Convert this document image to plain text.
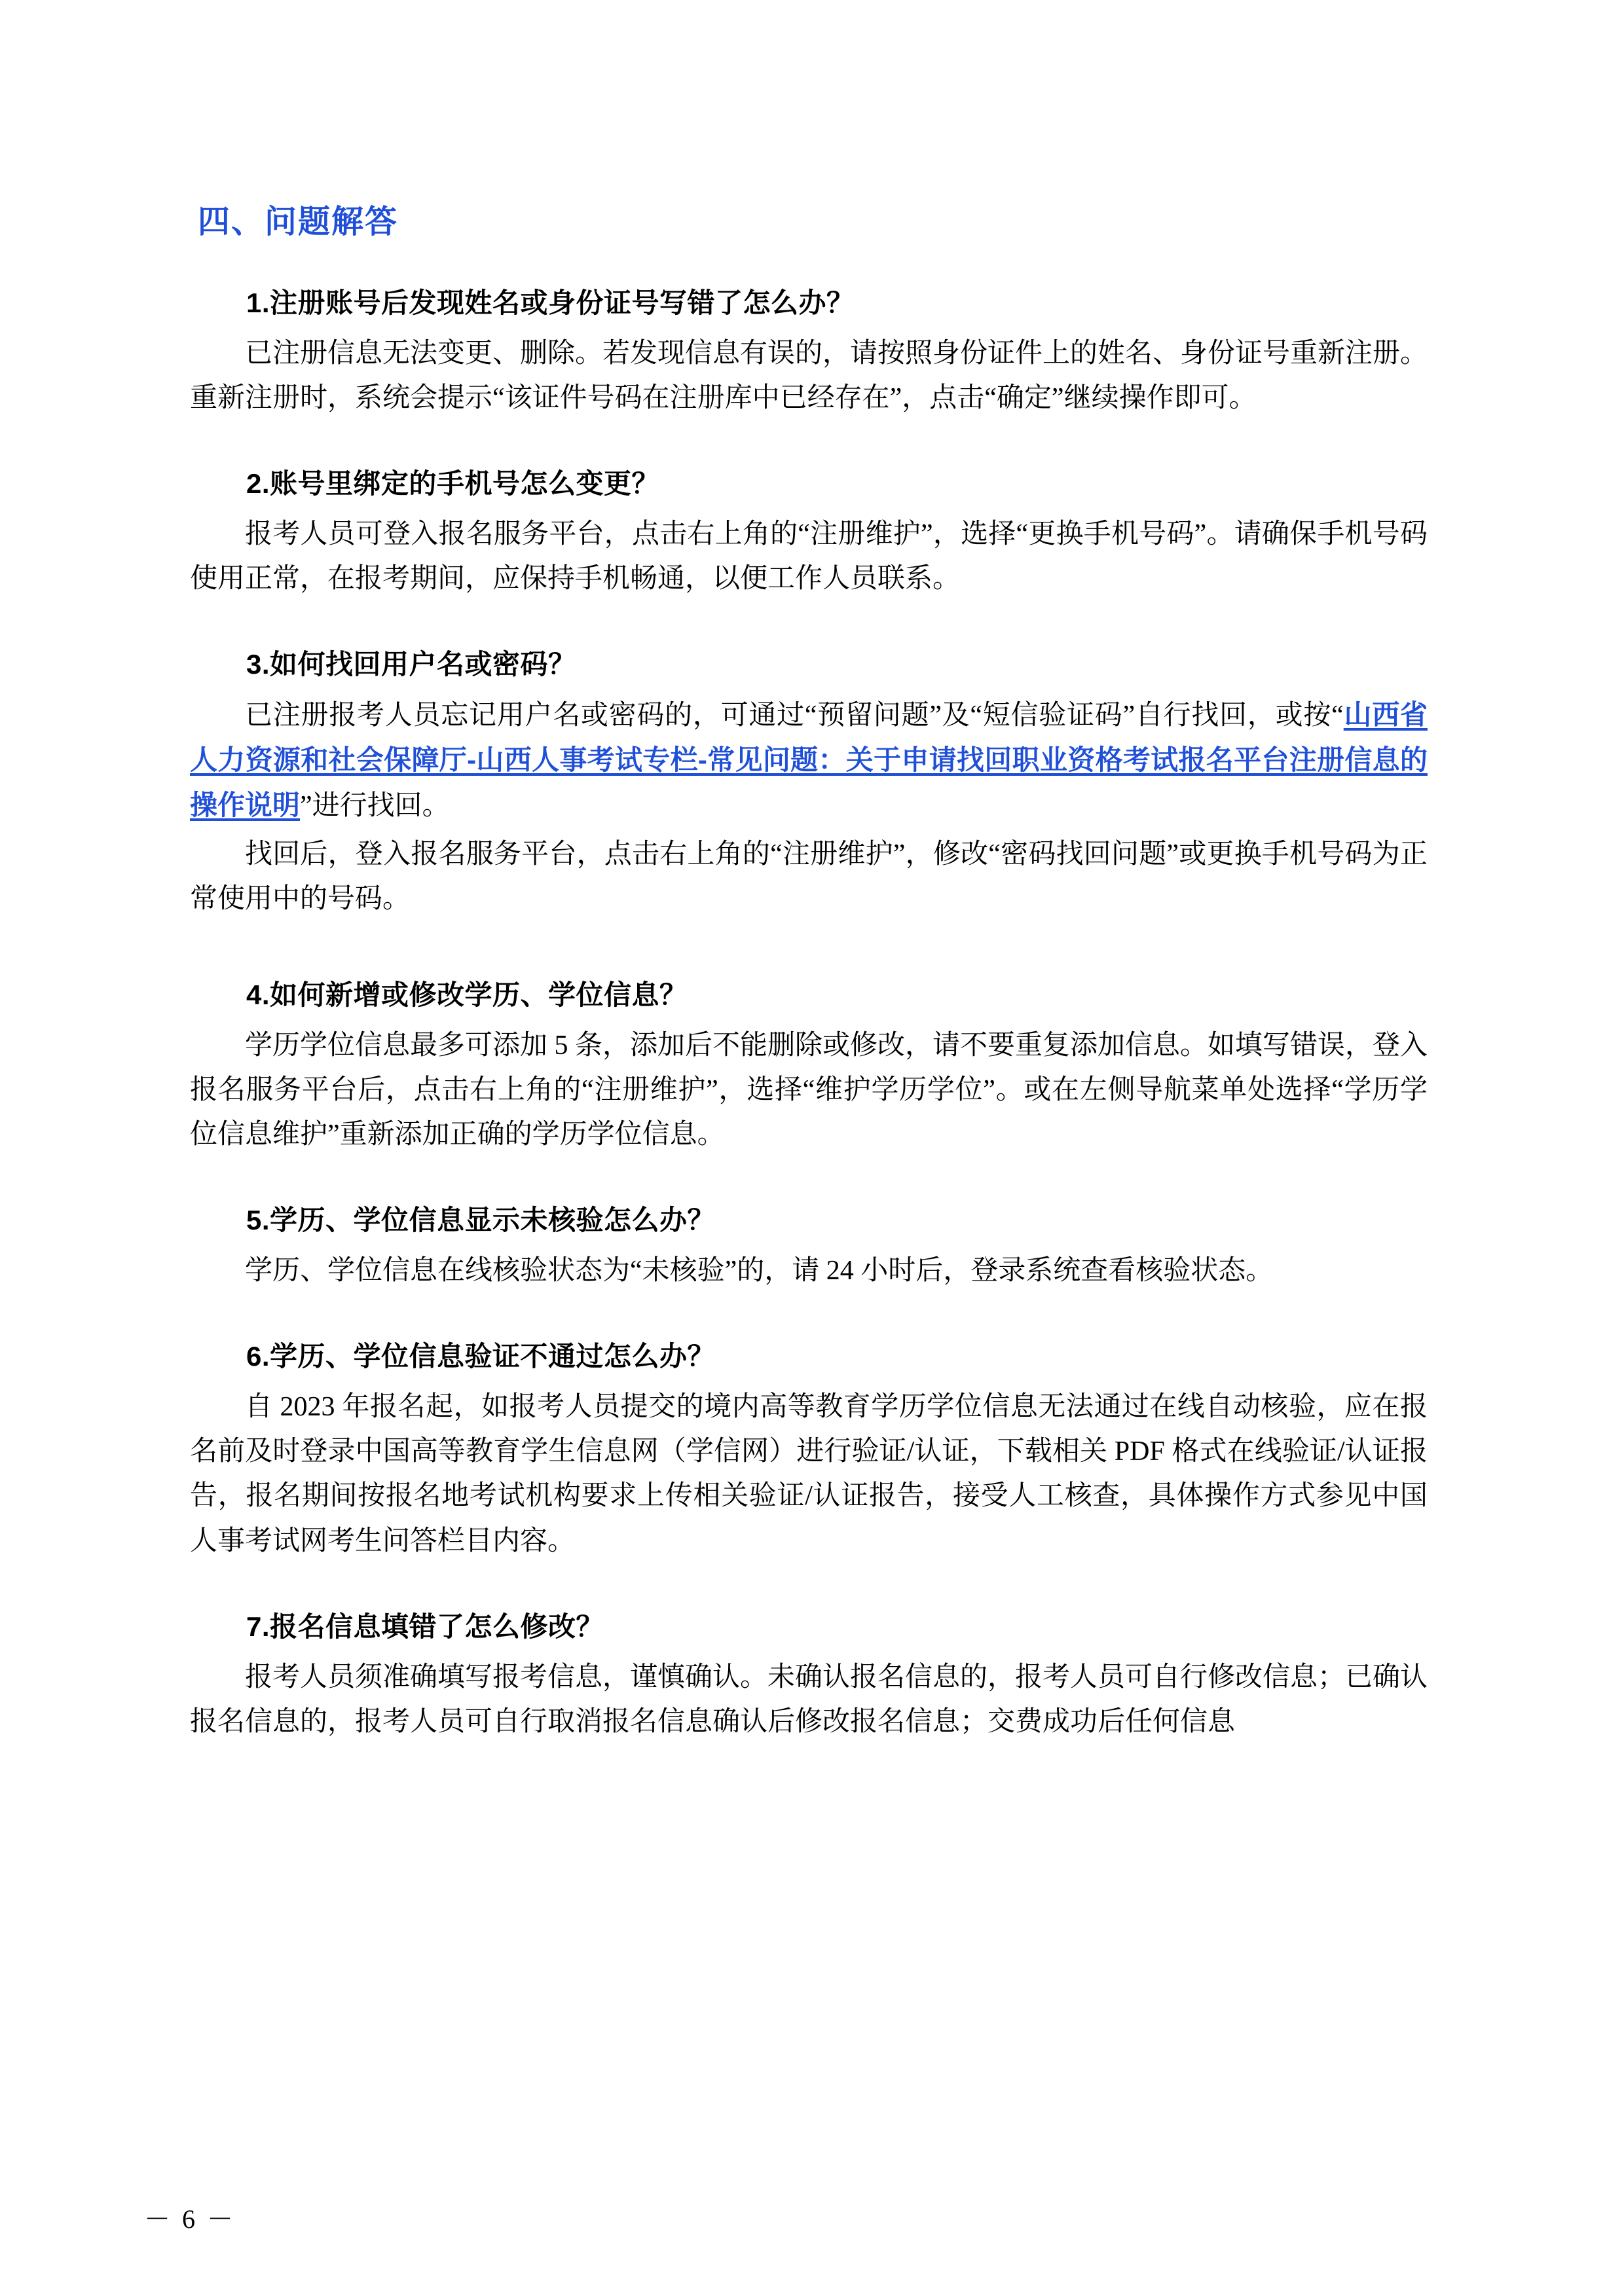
四、问题解答
1.注册账号后发现姓名或身份证号写错了怎么办？

已注册信息无法变更、删除。若发现信息有误的，请按照身份证件上的姓名、身份证号重新注册。重新注册时，系统会提示“该证件号码在注册库中已经存在”，点击“确定”继续操作即可。

2.账号里绑定的手机号怎么变更？

报考人员可登入报名服务平台，点击右上角的“注册维护”，选择“更换手机号码”。请确保手机号码使用正常，在报考期间，应保持手机畅通，以便工作人员联系。

3.如何找回用户名或密码？

已注册报考人员忘记用户名或密码的，可通过“预留问题”及“短信验证码”自行找回，或按“山西省人力资源和社会保障厅-山西人事考试专栏-常见问题：关于申请找回职业资格考试报名平台注册信息的操作说明”进行找回。

找回后，登入报名服务平台，点击右上角的“注册维护”，修改“密码找回问题”或更换手机号码为正常使用中的号码。

4.如何新增或修改学历、学位信息？

学历学位信息最多可添加 5 条，添加后不能删除或修改，请不要重复添加信息。如填写错误，登入报名服务平台后，点击右上角的“注册维护”，选择“维护学历学位”。或在左侧导航菜单处选择“学历学位信息维护”重新添加正确的学历学位信息。

5.学历、学位信息显示未核验怎么办？

学历、学位信息在线核验状态为“未核验”的，请 24 小时后，登录系统查看核验状态。

6.学历、学位信息验证不通过怎么办？

自 2023 年报名起，如报考人员提交的境内高等教育学历学位信息无法通过在线自动核验，应在报名前及时登录中国高等教育学生信息网（学信网）进行验证/认证，下载相关 PDF 格式在线验证/认证报告，报名期间按报名地考试机构要求上传相关验证/认证报告，接受人工核查，具体操作方式参见中国人事考试网考生问答栏目内容。

7.报名信息填错了怎么修改？

报考人员须准确填写报考信息，谨慎确认。未确认报名信息的，报考人员可自行修改信息；已确认报名信息的，报考人员可自行取消报名信息确认后修改报名信息；交费成功后任何信息

－ 6 －
